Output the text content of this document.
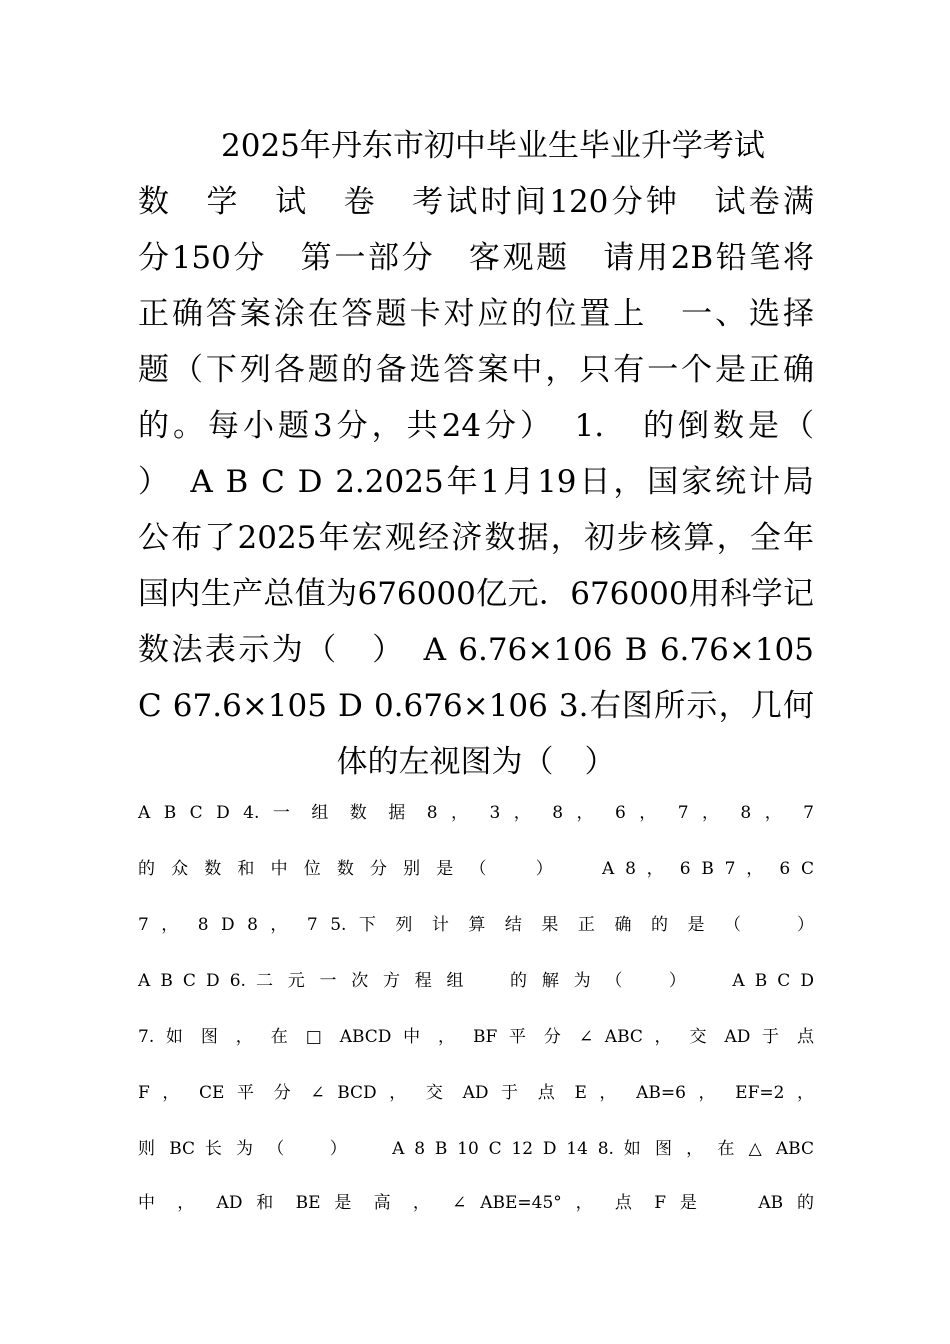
2025年丹东市初中毕业生毕业升学考试
数　学　试　卷　考试时间120分钟　试卷满
分150分　第一部分　客观题　请用2B铅笔将
正确答案涂在答题卡对应的位置上　一、选择
题（下列各题的备选答案中，只有一个是正确
的。每小题3分，共24分）　1.　的倒数是（
）　A B C D 2.2025年1月19日，国家统计局
公布了2025年宏观经济数据，初步核算，全年
国内生产总值为676000亿元．676000用科学记
数法表示为（　）　A 6.76×106 B 6.76×105
C 67.6×105 D 0.676×106 3.右图所示，几何
体的左视图为（　）
A B C D 4. 一 组 数 据 8 ， 3 ， 8 ， 6 ， 7 ， 8 ， 7
的 众 数 和 中 位 数 分 别 是 （ 　 ） 　 A 8 ， 6 B 7 ， 6 C
7 ， 8 D 8 ， 7 5. 下 列 计 算 结 果 正 确 的 是 （ 　 ）
A B C D 6. 二 元 一 次 方 程 组 　 的 解 为 （ 　 ） 　 A B C D
7. 如 图 ， 在 □ ABCD 中 ， BF 平 分 ∠ ABC ， 交 AD 于 点
F ， CE 平 分 ∠ BCD ， 交 AD 于 点 E ， AB=6 ， EF=2 ，
则 BC 长 为 （ 　 ） 　 A 8 B 10 C 12 D 14 8. 如 图 ， 在 △ ABC
中 ， AD 和 BE 是 高 ， ∠ ABE=45° ， 点 F 是 　 AB 的
